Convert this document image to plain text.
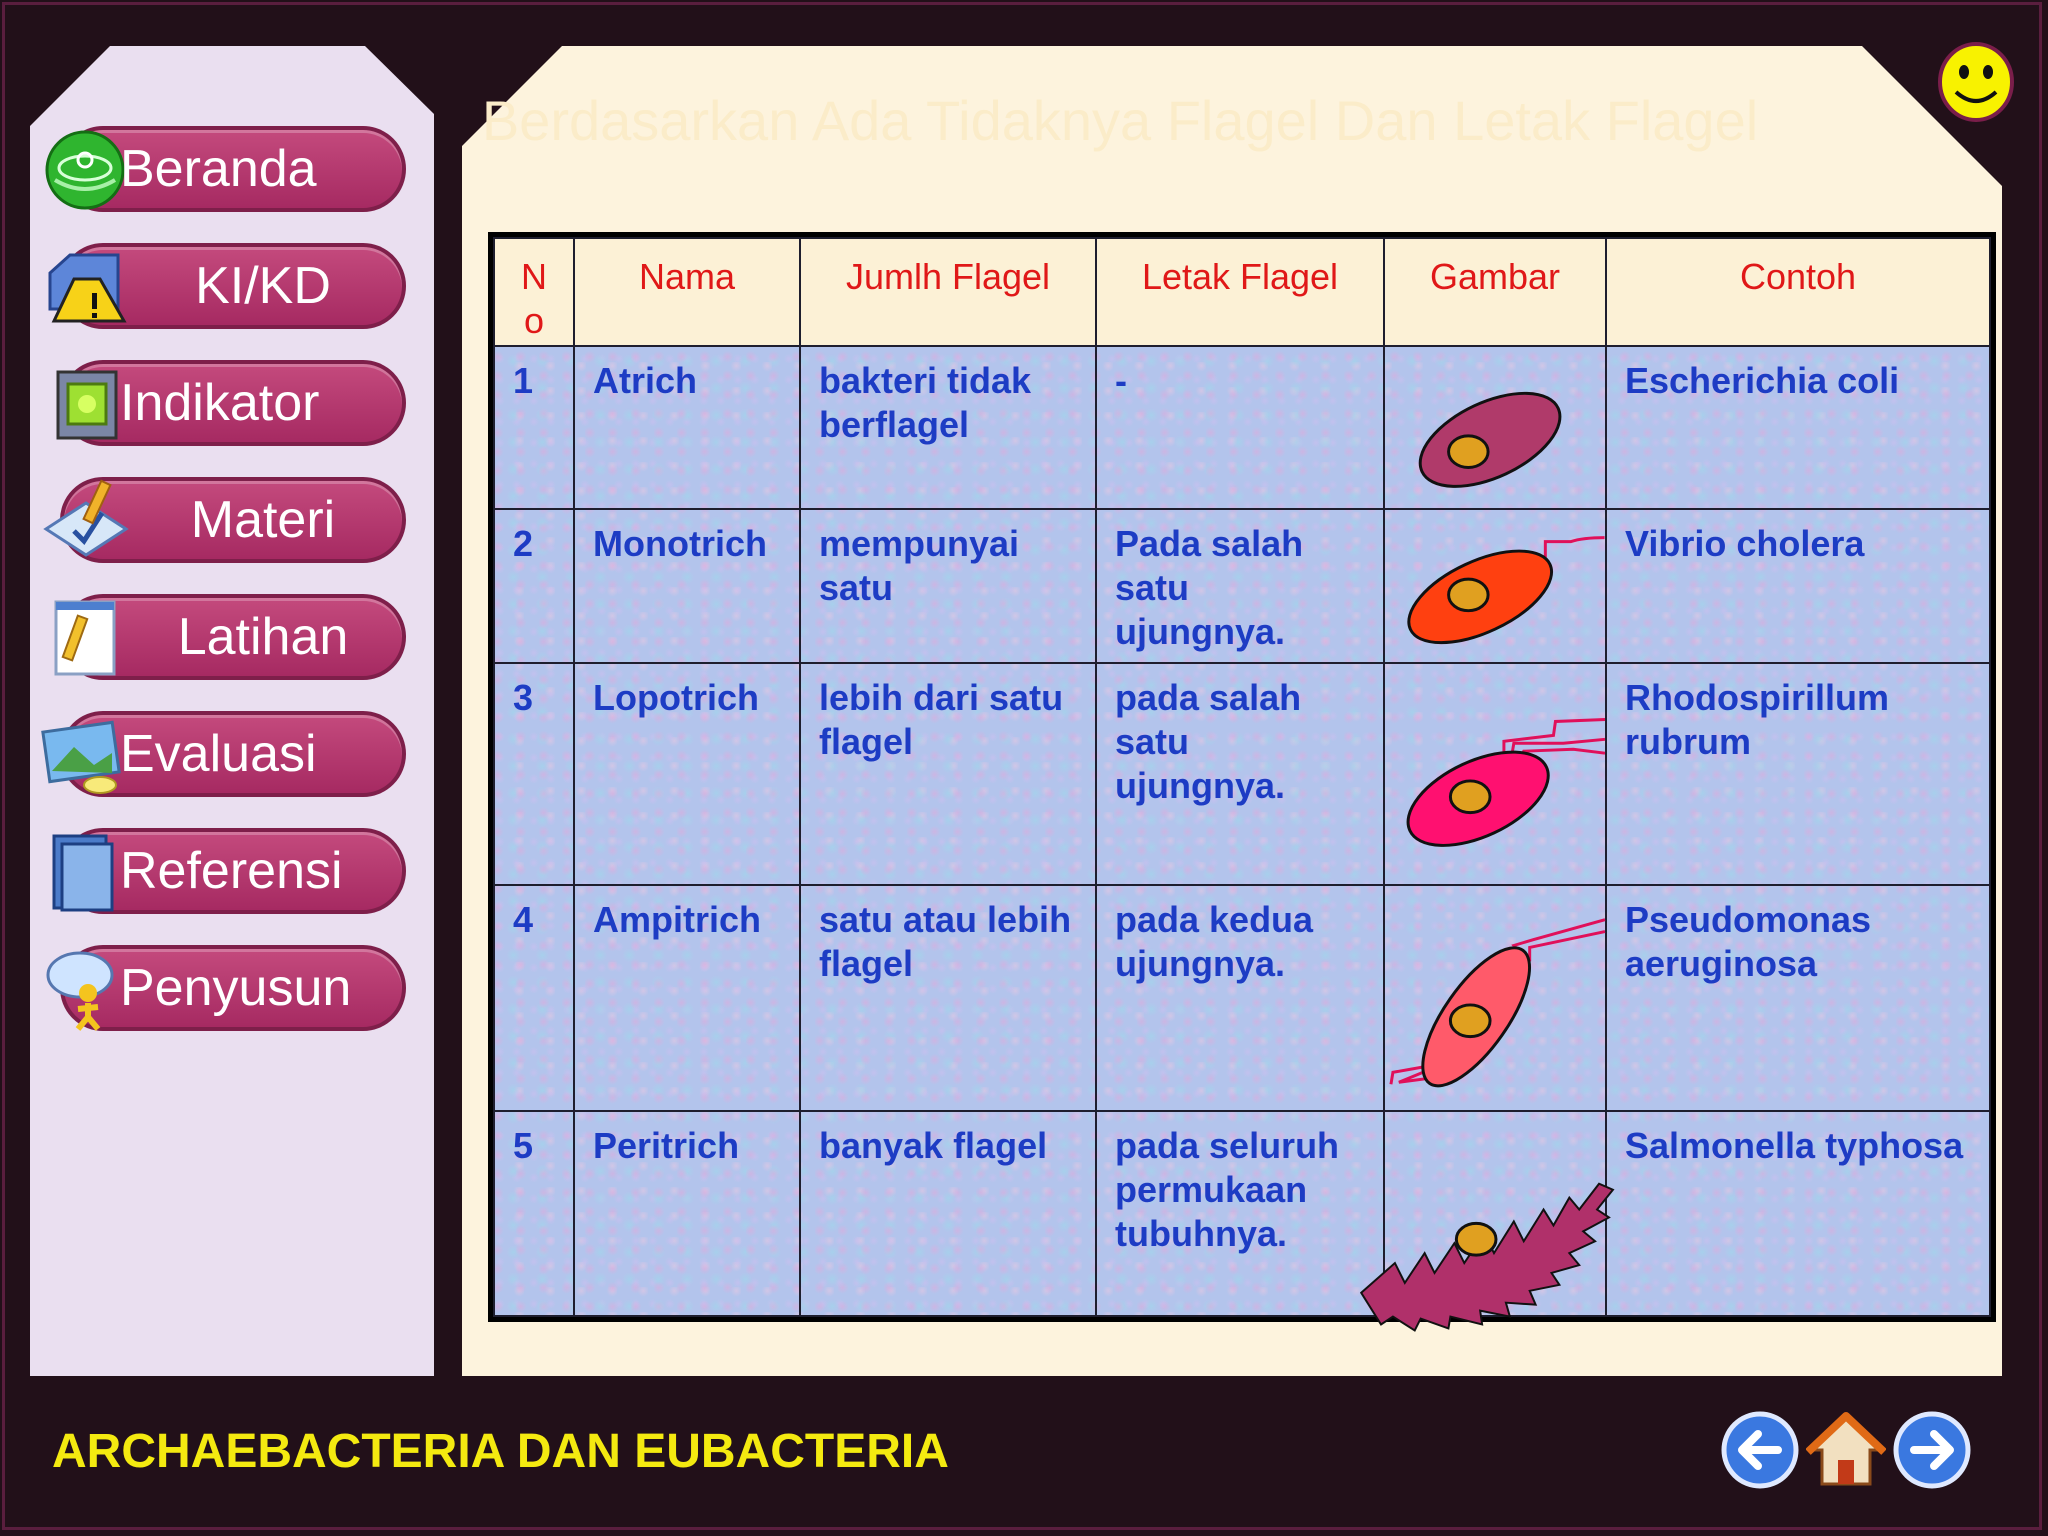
Beranda
KI/KD
Indikator
Materi
Latihan
Evaluasi
Referensi
Penyusun
Berdasarkan Ada Tidaknya Flagel Dan Letak Flagel
N o	Nama	Jumlh Flagel	Letak Flagel	Gambar	Contoh
1	Atrich	bakteri tidak berflagel	-		Escherichia coli
2	Monotrich	mempunyai satu	Pada salah satu ujungnya.		Vibrio cholera
3	Lopotrich	lebih dari satu flagel	pada salah satu ujungnya.		Rhodospirillum rubrum
4	Ampitrich	satu atau lebih flagel	pada kedua ujungnya.		Pseudomonas aeruginosa
5	Peritrich	banyak flagel	pada seluruh permukaan tubuhnya.		Salmonella typhosa
ARCHAEBACTERIA DAN EUBACTERIA
